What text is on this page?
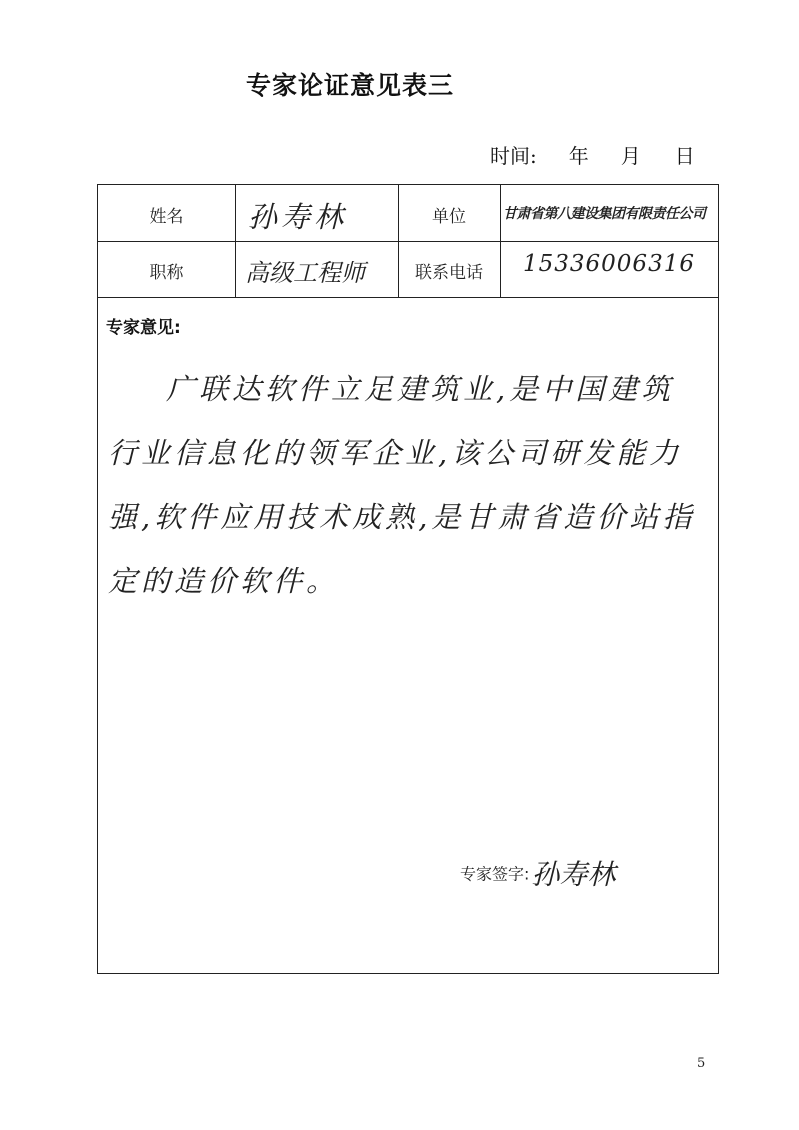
专家论证意见表三
时间: 年 月 日
姓名	孙寿林	单位	甘肃省第八建设集团有限责任公司
职称	高级工程师	联系电话	15336006316
专家意见:
广联达软件立足建筑业,是中国建筑
行业信息化的领军企业,该公司研发能力
强,软件应用技术成熟,是甘肃省造价站指
定的造价软件。
专家签字:孙寿林
5
